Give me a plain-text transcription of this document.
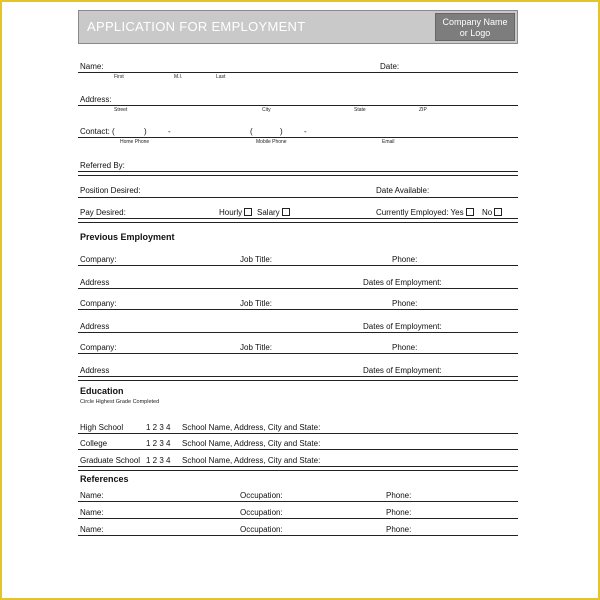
APPLICATION FOR EMPLOYMENT	Company Name
or Logo
Name:	Date:
First	M.I.	Last
Address:
Street	City	State	ZIP
Contact: (	)	-	(	)	-
Home Phone	Mobile Phone	Email
Referred By:
Position Desired:	Date Available:
Pay Desired:	Hourly	Salary	Currently Employed: Yes	No
Previous Employment
Company:	Job Title:	Phone:
Address	Dates of Employment:
Company:	Job Title:	Phone:
Address	Dates of Employment:
Company:	Job Title:	Phone:
Address	Dates of Employment:
Education
Circle Highest Grade Completed
High School	1 2 3 4 School Name, Address, City and State:
College	1 2 3 4 School Name, Address, City and State:
Graduate School 1 2 3 4 School Name, Address, City and State:
References
Name:	Occupation:	Phone:
Name:	Occupation:	Phone:
Name:	Occupation:	Phone:
